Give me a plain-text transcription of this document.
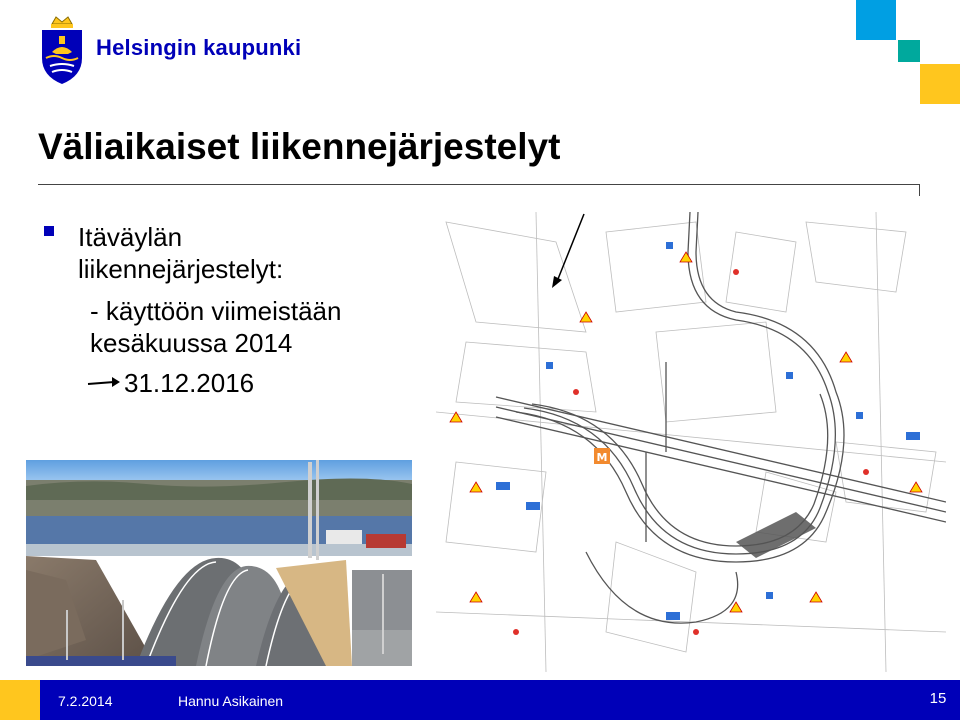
Helsingin kaupunki
Väliaikaiset liikennejärjestelyt
Itäväylän
liikennejärjestelyt:
- käyttöön viimeistään
kesäkuussa 2014
31.12.2016
M
7.2.2014	Hannu Asikainen	15
